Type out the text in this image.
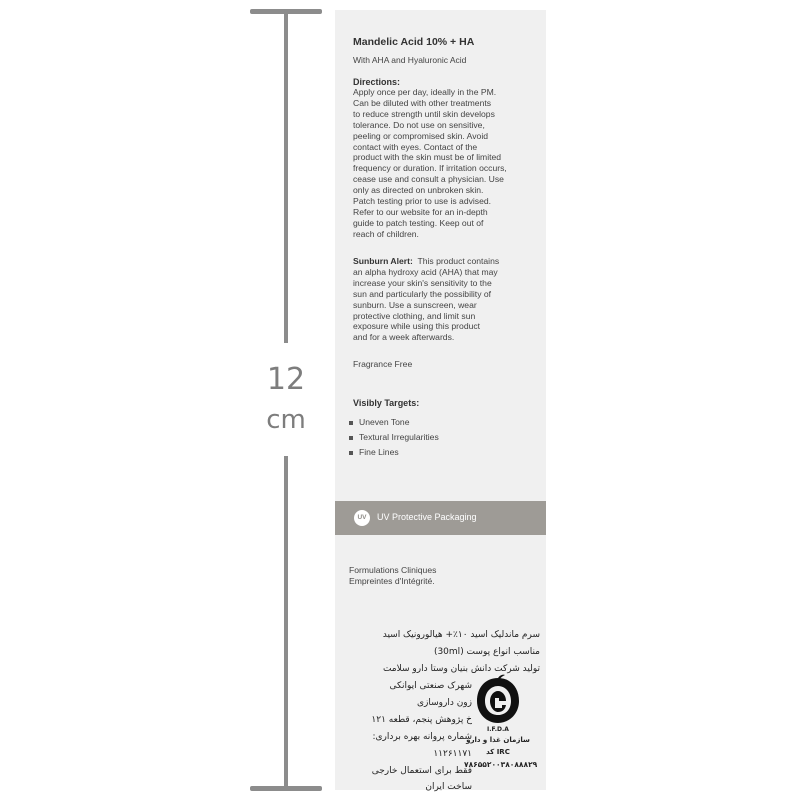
12
cm
Mandelic Acid 10% + HA
With AHA and Hyaluronic Acid
Directions:
Apply once per day, ideally in the PM.
Can be diluted with other treatments
to reduce strength until skin develops
tolerance. Do not use on sensitive,
peeling or compromised skin. Avoid
contact with eyes. Contact of the
product with the skin must be of limited
frequency or duration. If irritation occurs,
cease use and consult a physician. Use
only as directed on unbroken skin.
Patch testing prior to use is advised.
Refer to our website for an in-depth
guide to patch testing. Keep out of
reach of children.
Sunburn Alert: This product contains
an alpha hydroxy acid (AHA) that may
increase your skin's sensitivity to the
sun and particularly the possibility of
sunburn. Use a sunscreen, wear
protective clothing, and limit sun
exposure while using this product
and for a week afterwards.
Fragrance Free
Visibly Targets:
Uneven Tone
Textural Irregularities
Fine Lines
UV	UV Protective Packaging
Formulations Cliniques
Empreintes d'Intégrité.
سرم ماندلیک اسید ۱۰٪+ هیالورونیک اسید
مناسب انواع پوست (30ml)
تولید شرکت دانش بنیان وستا دارو سلامت
شهرک صنعتی ایوانکی
زون داروسازی
خ پژوهش پنجم، قطعه ۱۲۱
شماره پروانه بهره برداری:
۱۱۲۶۱۱۷۱
فقط برای استعمال خارجی
ساخت ایران
I.F.D.A
سازمان غذا و دارو
IRC کد
۷۸۶۵۵۲۰۰۳۸۰۸۸۸۲۹
